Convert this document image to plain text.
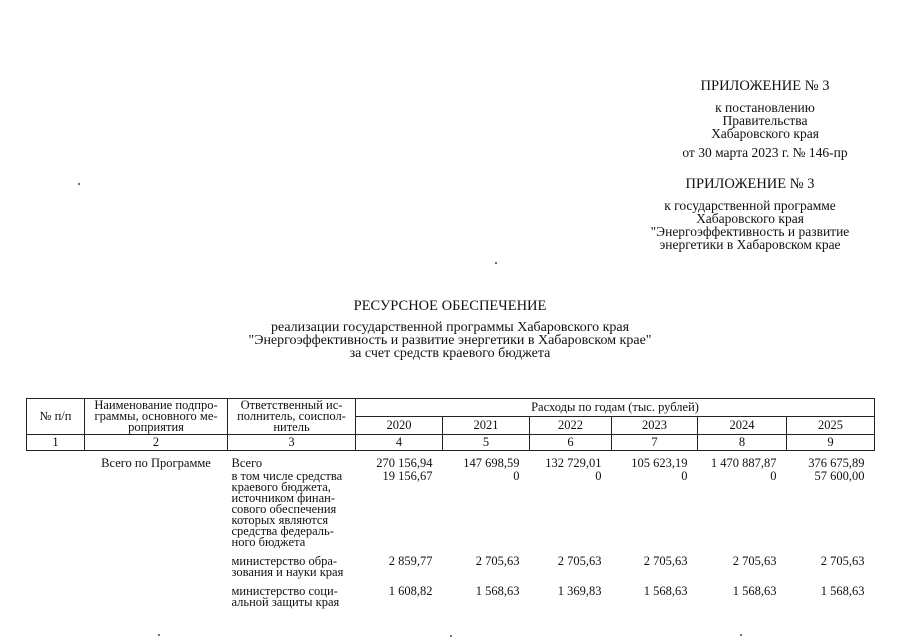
ПРИЛОЖЕНИЕ № 3
к постановлению
Правительства
Хабаровского края
от 30 марта 2023 г. № 146-пр
ПРИЛОЖЕНИЕ № 3
к государственной программе
Хабаровского края
"Энергоэффективность и развитие
энергетики в Хабаровском крае
РЕСУРСНОЕ ОБЕСПЕЧЕНИЕ
реализации государственной программы Хабаровского края
"Энергоэффективность и развитие энергетики в Хабаровском крае"
за счет средств краевого бюджета
№ п/п	Наименование подпро-граммы, основного ме-роприятия	Ответственный ис-полнитель, соиспол-нитель	Расходы по годам (тыс. рублей)					
			2020	2021	2022	2023	2024	2025
1	2	3	4	5	6	7	8	9

	Всего по Программе	Всего	270 156,94	147 698,59	132 729,01	105 623,19	1 470 887,87	376 675,89
		в том числе средства краевого бюджета, источником финан-сового обеспечения которых являются средства федераль-ного бюджета	19 156,67	0	0	0	0	57 600,00

		министерство обра-зования и науки края	2 859,77	2 705,63	2 705,63	2 705,63	2 705,63	2 705,63

		министерство соци-альной защиты края	1 608,82	1 568,63	1 369,83	1 568,63	1 568,63	1 568,63
